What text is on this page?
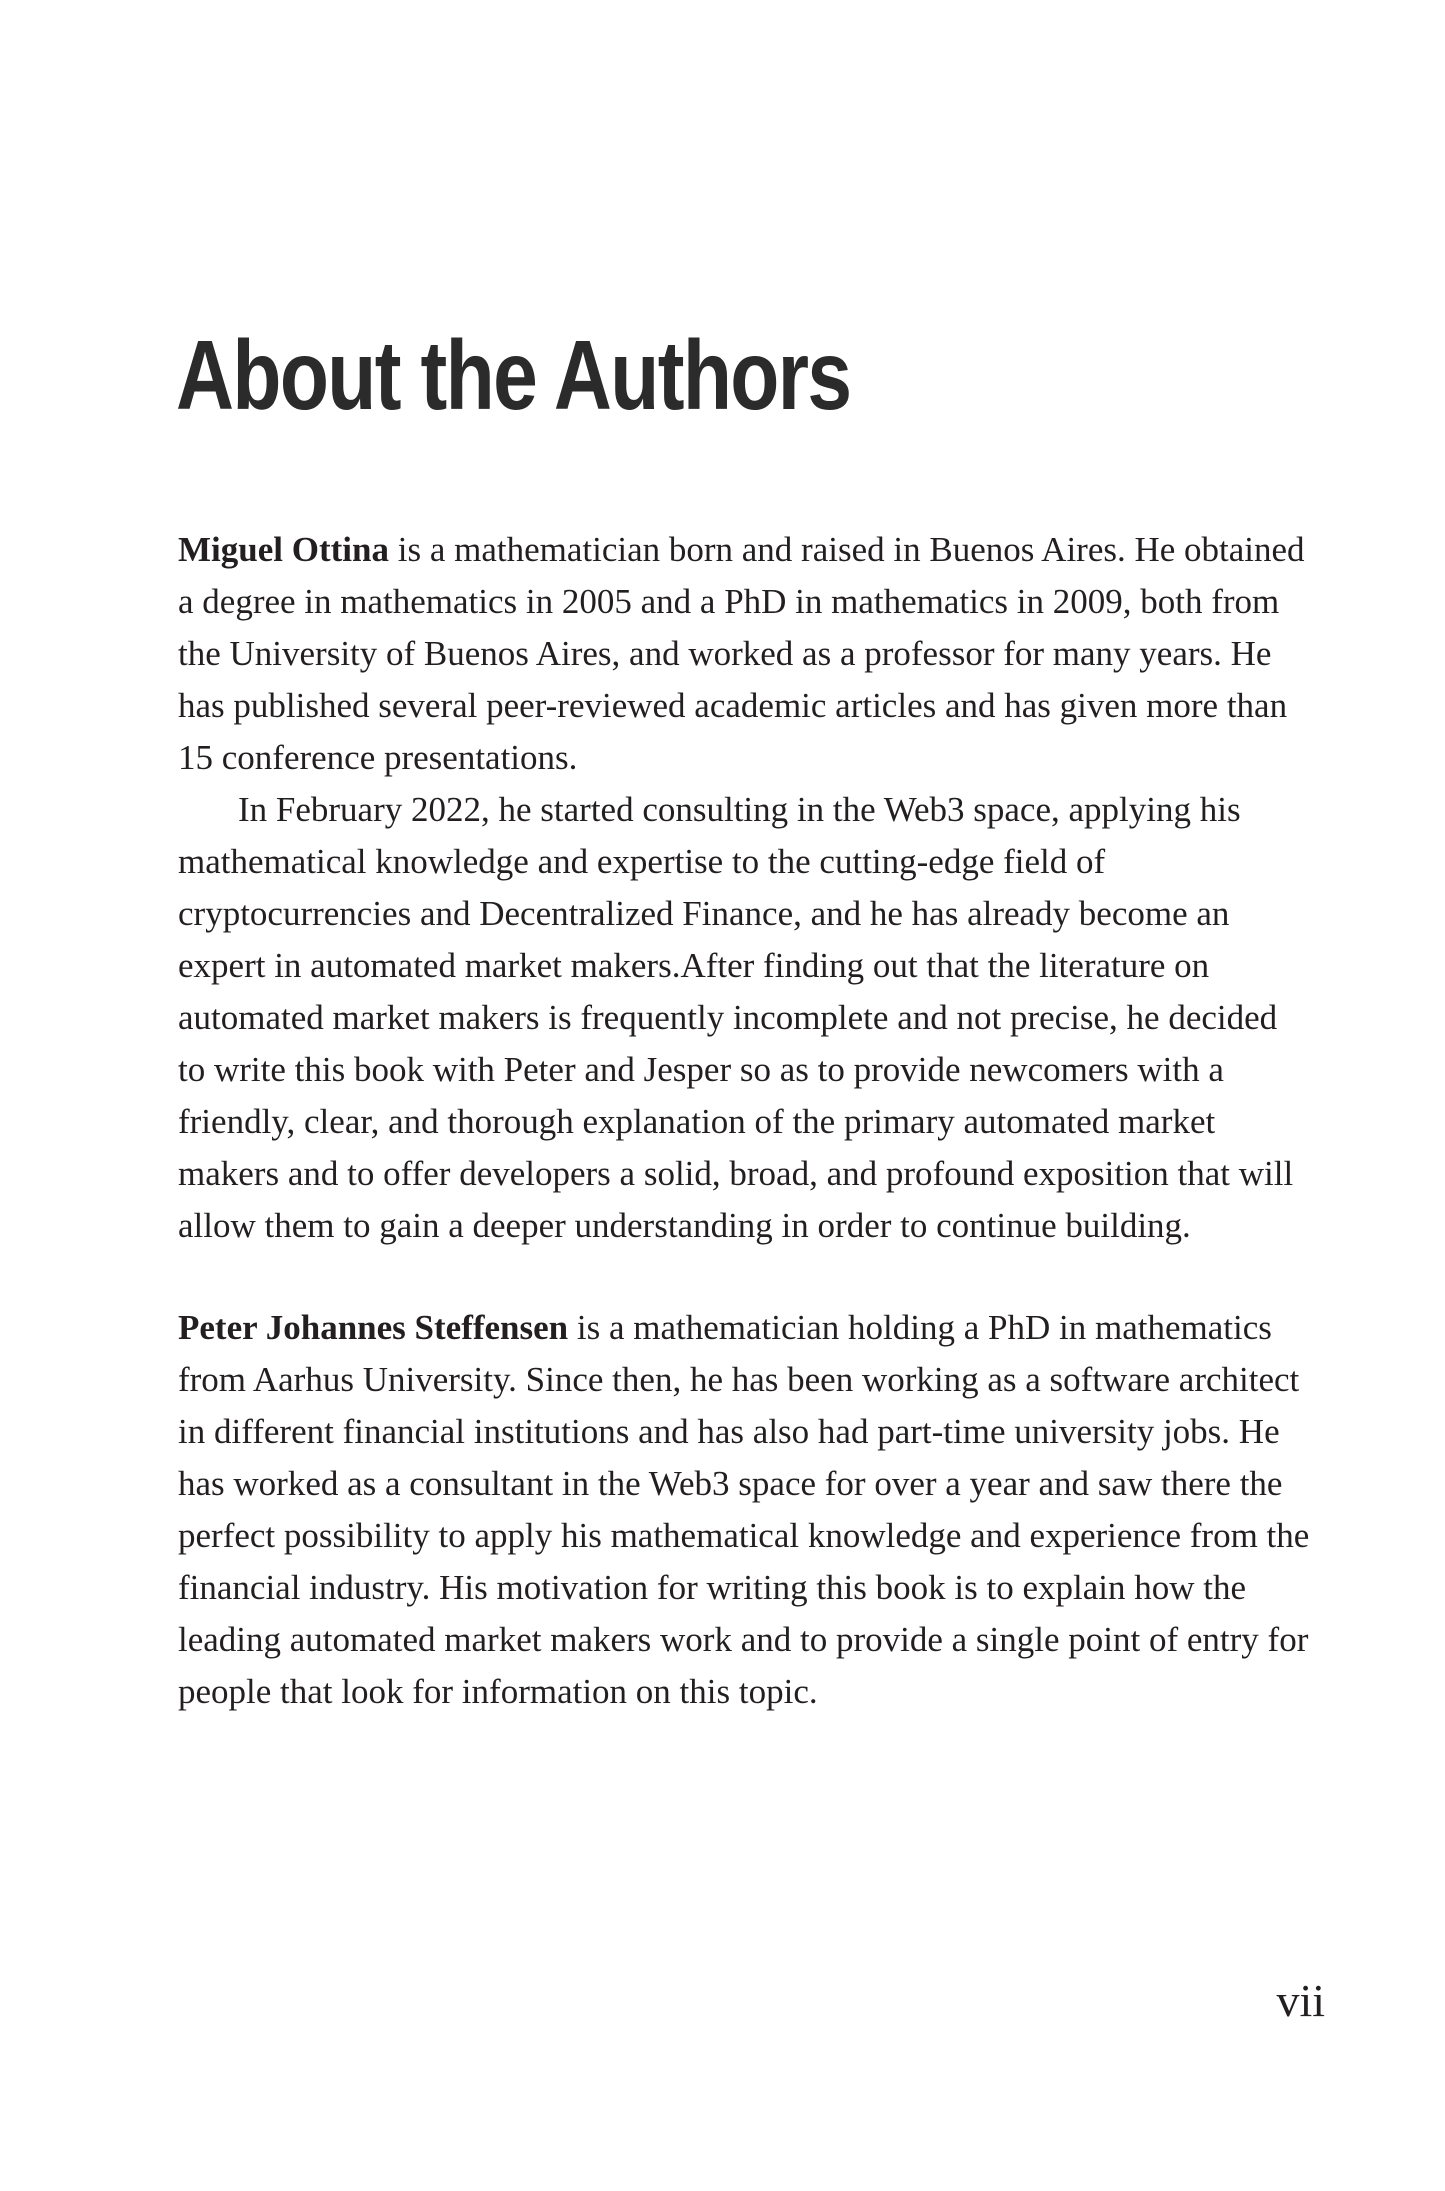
About the Authors

Miguel Ottina is a mathematician born and raised in Buenos Aires. He obtained a degree in mathematics in 2005 and a PhD in mathematics in 2009, both from the University of Buenos Aires, and worked as a professor for many years. He has published several peer-reviewed academic articles and has given more than 15 conference presentations.

In February 2022, he started consulting in the Web3 space, applying his mathematical knowledge and expertise to the cutting-edge field of cryptocurrencies and Decentralized Finance, and he has already become an expert in automated market makers.After finding out that the literature on automated market makers is frequently incomplete and not precise, he decided to write this book with Peter and Jesper so as to provide newcomers with a friendly, clear, and thorough explanation of the primary automated market makers and to offer developers a solid, broad, and profound exposition that will allow them to gain a deeper understanding in order to continue building.

Peter Johannes Steffensen is a mathematician holding a PhD in mathematics from Aarhus University. Since then, he has been working as a software architect in different financial institutions and has also had part-time university jobs. He has worked as a consultant in the Web3 space for over a year and saw there the perfect possibility to apply his mathematical knowledge and experience from the financial industry. His motivation for writing this book is to explain how the leading automated market makers work and to provide a single point of entry for people that look for information on this topic.

vii
